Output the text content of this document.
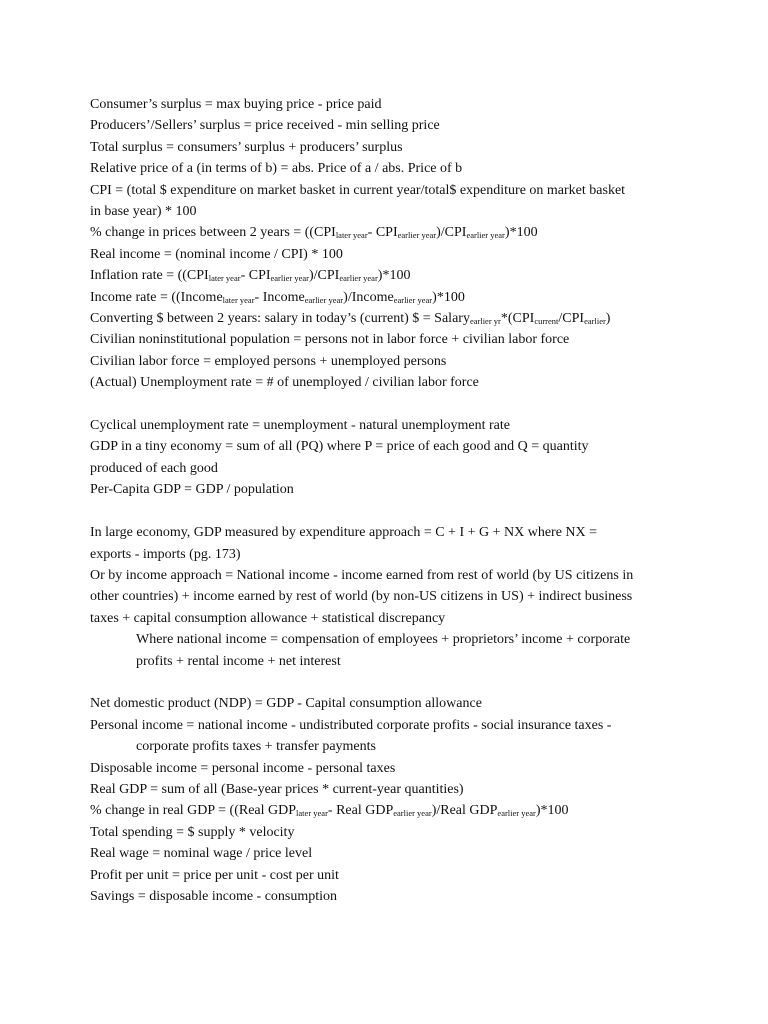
Consumer’s surplus = max buying price - price paid
Producers’/Sellers’ surplus = price received - min selling price
Total surplus = consumers’ surplus + producers’ surplus
Relative price of a (in terms of b) = abs. Price of a / abs. Price of b
CPI = (total $ expenditure on market basket in current year/total$ expenditure on market basket
in base year) * 100
% change in prices between 2 years = (($CPI_{later year}-$ $CPI_{earlier year})/CPI_{earlier year})*100$
Real income = (nominal income / CPI) * 100
Inflation rate = (($CPI_{later year}-$ $CPI_{earlier year})/CPI_{earlier year})*100$
Income rate = ((Income$_{later year}$- Income$_{earlier year}$)/Income$_{earlier year}$)*100
Converting $ between 2 years: salary in today’s (current) $ = $Salary_{earlier yr}*(CPI_{current}/CPI_{earlier})$
Civilian noninstitutional population = persons not in labor force + civilian labor force
Civilian labor force = employed persons + unemployed persons
(Actual) Unemployment rate = # of unemployed / civilian labor force
Cyclical unemployment rate = unemployment - natural unemployment rate
GDP in a tiny economy = sum of all (PQ) where P = price of each good and Q = quantity
produced of each good
Per-Capita GDP = GDP / population
In large economy, GDP measured by expenditure approach = C + I + G + NX where NX =
exports - imports (pg. 173)
Or by income approach = National income - income earned from rest of world (by US citizens in
other countries) + income earned by rest of world (by non-US citizens in US) + indirect business
taxes + capital consumption allowance + statistical discrepancy
Where national income = compensation of employees + proprietors’ income + corporate
profits + rental income + net interest
Net domestic product (NDP) = GDP - Capital consumption allowance
Personal income = national income - undistributed corporate profits - social insurance taxes -
corporate profits taxes + transfer payments
Disposable income = personal income - personal taxes
Real GDP = sum of all (Base-year prices * current-year quantities)
% change in real GDP = ((Real $GDP_{later year}-$ Real $GDP_{earlier year}$)/Real $GDP_{earlier year})*100$
Total spending = $ supply * velocity
Real wage = nominal wage / price level
Profit per unit = price per unit - cost per unit
Savings = disposable income - consumption
